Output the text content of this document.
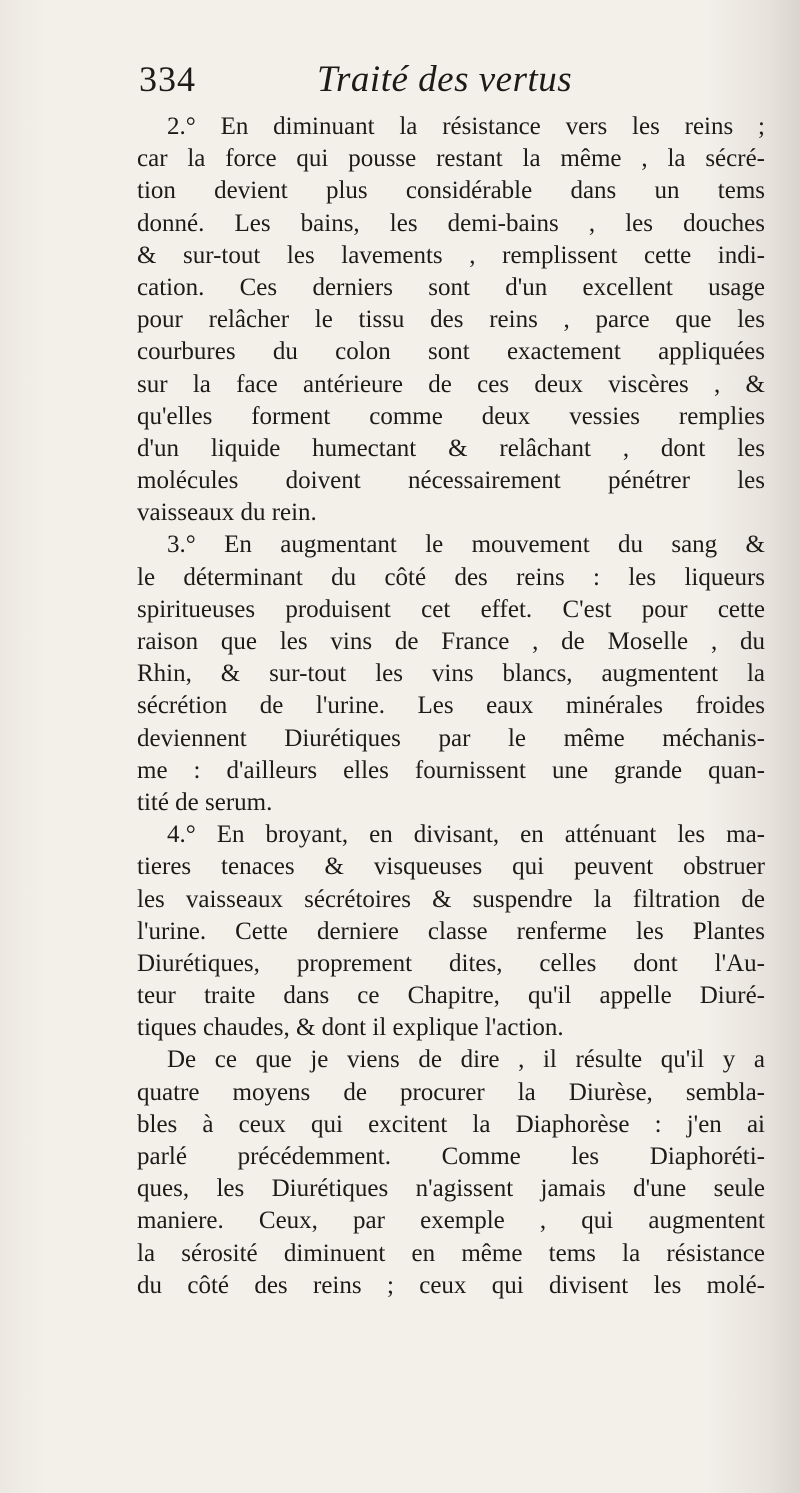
334	Traité des vertus
2.° En diminuant la résistance vers les reins ;
car la force qui pousse restant la même , la sécré-
tion devient plus considérable dans un tems
donné. Les bains, les demi-bains , les douches
& sur-tout les lavements , remplissent cette indi-
cation. Ces derniers sont d'un excellent usage
pour relâcher le tissu des reins , parce que les
courbures du colon sont exactement appliquées
sur la face antérieure de ces deux viscères , &
qu'elles forment comme deux vessies remplies
d'un liquide humectant & relâchant , dont les
molécules doivent nécessairement pénétrer les
vaisseaux du rein.
3.° En augmentant le mouvement du sang &
le déterminant du côté des reins : les liqueurs
spiritueuses produisent cet effet. C'est pour cette
raison que les vins de France , de Moselle , du
Rhin, & sur-tout les vins blancs, augmentent la
sécrétion de l'urine. Les eaux minérales froides
deviennent Diurétiques par le même méchanis-
me : d'ailleurs elles fournissent une grande quan-
tité de serum.
4.° En broyant, en divisant, en atténuant les ma-
tieres tenaces & visqueuses qui peuvent obstruer
les vaisseaux sécrétoires & suspendre la filtration de
l'urine. Cette derniere classe renferme les Plantes
Diurétiques, proprement dites, celles dont l'Au-
teur traite dans ce Chapitre, qu'il appelle Diuré-
tiques chaudes, & dont il explique l'action.
De ce que je viens de dire , il résulte qu'il y a
quatre moyens de procurer la Diurèse, sembla-
bles à ceux qui excitent la Diaphorèse : j'en ai
parlé précédemment. Comme les Diaphoréti-
ques, les Diurétiques n'agissent jamais d'une seule
maniere. Ceux, par exemple , qui augmentent
la sérosité diminuent en même tems la résistance
du côté des reins ; ceux qui divisent les molé-
